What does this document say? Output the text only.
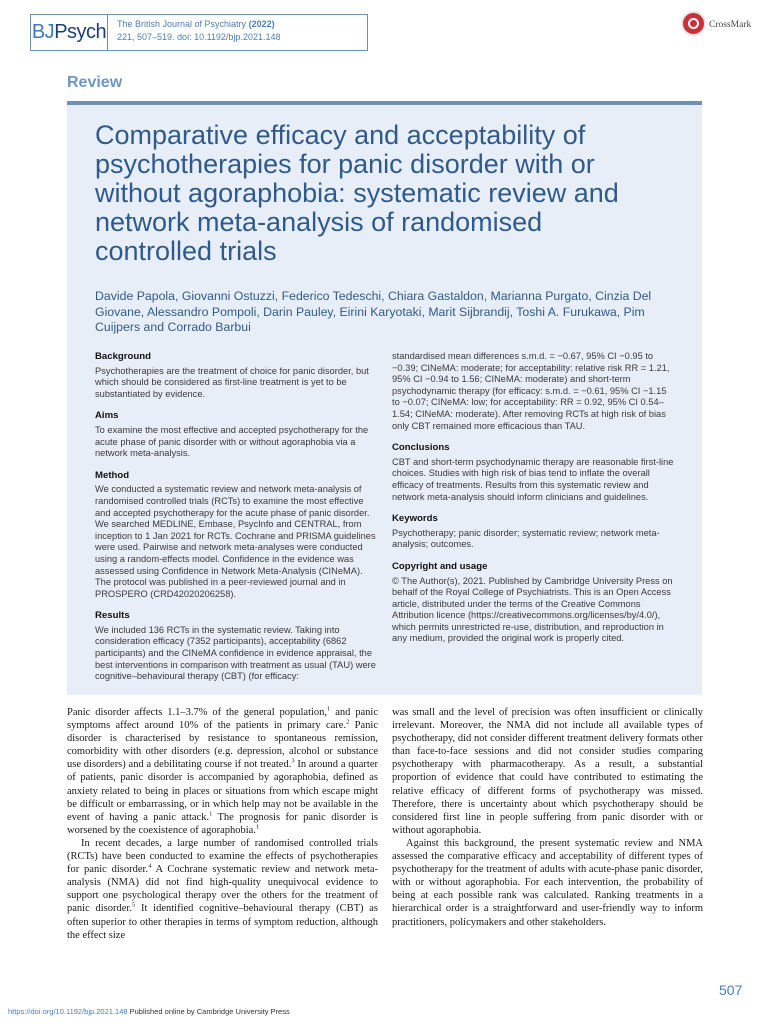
BJ Psych The British Journal of Psychiatry (2022)
221, 507–519. doi: 10.1192/bjp.2021.148
CrossMark
Review
Comparative efficacy and acceptability of psychotherapies for panic disorder with or without agoraphobia: systematic review and network meta-analysis of randomised controlled trials

Davide Papola, Giovanni Ostuzzi, Federico Tedeschi, Chiara Gastaldon, Marianna Purgato, Cinzia Del Giovane, Alessandro Pompoli, Darin Pauley, Eirini Karyotaki, Marit Sijbrandij, Toshi A. Furukawa, Pim Cuijpers and Corrado Barbui

Background

Psychotherapies are the treatment of choice for panic disorder, but which should be considered as first-line treatment is yet to be substantiated by evidence.

Aims

To examine the most effective and accepted psychotherapy for the acute phase of panic disorder with or without agoraphobia via a network meta-analysis.

Method

We conducted a systematic review and network meta-analysis of randomised controlled trials (RCTs) to examine the most effective and accepted psychotherapy for the acute phase of panic disorder. We searched MEDLINE, Embase, PsycInfo and CENTRAL, from inception to 1 Jan 2021 for RCTs. Cochrane and PRISMA guidelines were used. Pairwise and network meta-analyses were conducted using a random-effects model. Confidence in the evidence was assessed using Confidence in Network Meta-Analysis (CINeMA). The protocol was published in a peer-reviewed journal and in PROSPERO (CRD42020206258).

Results

We included 136 RCTs in the systematic review. Taking into consideration efficacy (7352 participants), acceptability (6862 participants) and the CINeMA confidence in evidence appraisal, the best interventions in comparison with treatment as usual (TAU) were cognitive–behavioural therapy (CBT) (for efficacy:

standardised mean differences s.m.d. = −0.67, 95% CI −0.95 to −0.39; CINeMA: moderate; for acceptability: relative risk RR = 1.21, 95% CI −0.94 to 1.56; CINeMA: moderate) and short-term psychodynamic therapy (for efficacy: s.m.d. = −0.61, 95% CI −1.15 to −0.07; CINeMA: low; for acceptability: RR = 0.92, 95% CI 0.54–1.54; CINeMA: moderate). After removing RCTs at high risk of bias only CBT remained more efficacious than TAU.

Conclusions

CBT and short-term psychodynamic therapy are reasonable first-line choices. Studies with high risk of bias tend to inflate the overall efficacy of treatments. Results from this systematic review and network meta-analysis should inform clinicians and guidelines.

Keywords

Psychotherapy; panic disorder; systematic review; network meta-analysis; outcomes.

Copyright and usage

© The Author(s), 2021. Published by Cambridge University Press on behalf of the Royal College of Psychiatrists. This is an Open Access article, distributed under the terms of the Creative Commons Attribution licence (https://creativecommons.org/licenses/by/4.0/), which permits unrestricted re-use, distribution, and reproduction in any medium, provided the original work is properly cited.

Panic disorder affects 1.1–3.7% of the general population,$^1$ and panic symptoms affect around 10% of the patients in primary care.$^2$ Panic disorder is characterised by resistance to spontaneous remission, comorbidity with other disorders (e.g. depression, alcohol or substance use disorders) and a debilitating course if not treated.$^3$ In around a quarter of patients, panic disorder is accompanied by agoraphobia, defined as anxiety related to being in places or situations from which escape might be difficult or embarrassing, or in which help may not be available in the event of having a panic attack.$^1$ The prognosis for panic disorder is worsened by the coexistence of agoraphobia.$^1$

In recent decades, a large number of randomised controlled trials (RCTs) have been conducted to examine the effects of psychotherapies for panic disorder.$^4$ A Cochrane systematic review and network meta-analysis (NMA) did not find high-quality unequivocal evidence to support one psychological therapy over the others for the treatment of panic disorder.$^5$ It identified cognitive–behavioural therapy (CBT) as often superior to other therapies in terms of symptom reduction, although the effect size

was small and the level of precision was often insufficient or clinically irrelevant. Moreover, the NMA did not include all available types of psychotherapy, did not consider different treatment delivery formats other than face-to-face sessions and did not consider studies comparing psychotherapy with pharmacotherapy. As a result, a substantial proportion of evidence that could have contributed to estimating the relative efficacy of different forms of psychotherapy was missed. Therefore, there is uncertainty about which psychotherapy should be considered first line in people suffering from panic disorder with or without agoraphobia.

Against this background, the present systematic review and NMA assessed the comparative efficacy and acceptability of different types of psychotherapy for the treatment of adults with acute-phase panic disorder, with or without agoraphobia. For each intervention, the probability of being at each possible rank was calculated. Ranking treatments in a hierarchical order is a straightforward and user-friendly way to inform practitioners, policymakers and other stakeholders.

507
https://doi.org/10.1192/bjp.2021.148 Published online by Cambridge University Press
